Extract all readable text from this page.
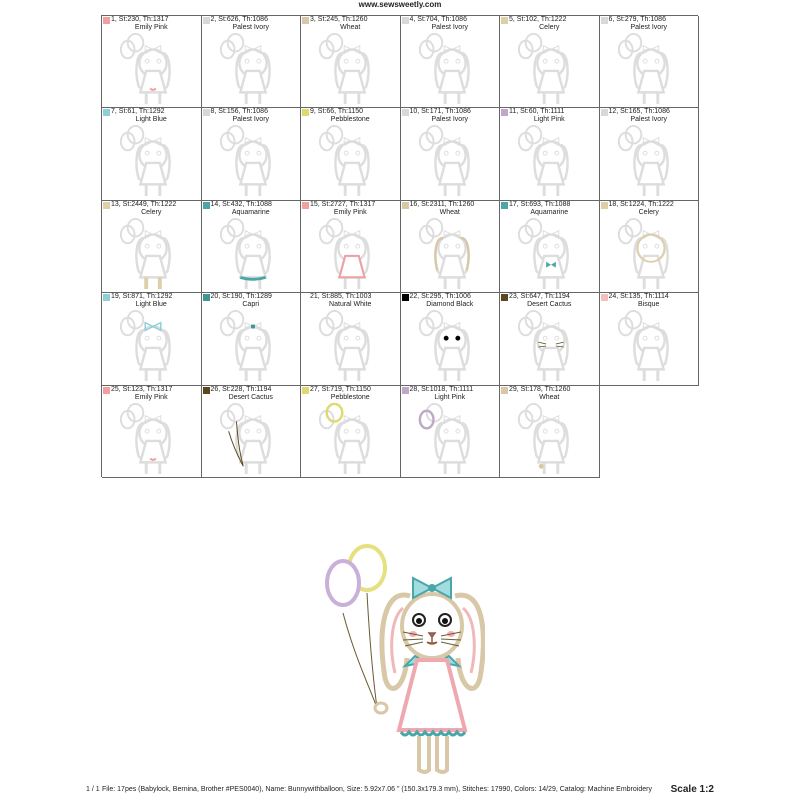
www.sewsweetly.com
1, St:230, Th:1317
Emily Pink
2, St:626, Th:1086
Palest Ivory
3, St:245, Th:1260
Wheat
4, St:704, Th:1086
Palest Ivory
5, St:102, Th:1222
Celery
6, St:279, Th:1086
Palest Ivory
7, St:61, Th:1292
Light Blue
8, St:156, Th:1086
Palest Ivory
9, St:66, Th:1150
Pebblestone
10, St:171, Th:1086
Palest Ivory
11, St:60, Th:1111
Light Pink
12, St:165, Th:1086
Palest Ivory
13, St:2449, Th:1222
Celery
14, St:432, Th:1088
Aquamarine
15, St:2727, Th:1317
Emily Pink
16, St:2311, Th:1260
Wheat
17, St:693, Th:1088
Aquamarine
18, St:1224, Th:1222
Celery
19, St:871, Th:1292
Light Blue
20, St:190, Th:1289
Capri
21, St:885, Th:1003
Natural White
22, St:295, Th:1006
Diamond Black
23, St:647, Th:1194
Desert Cactus
24, St:135, Th:1114
Bisque
25, St:123, Th:1317
Emily Pink
26, St:228, Th:1194
Desert Cactus
27, St:719, Th:1150
Pebblestone
28, St:1018, Th:1111
Light Pink
29, St:178, Th:1260
Wheat
1 / 1 File: 17pes (Babylock, Bernina, Brother #PES0040), Name: Bunnywithballoon, Size: 5.92x7.06 " (150.3x179.3 mm), Stitches: 17990, Colors: 14/29, Catalog: Machine Embroidery Scale 1:2
